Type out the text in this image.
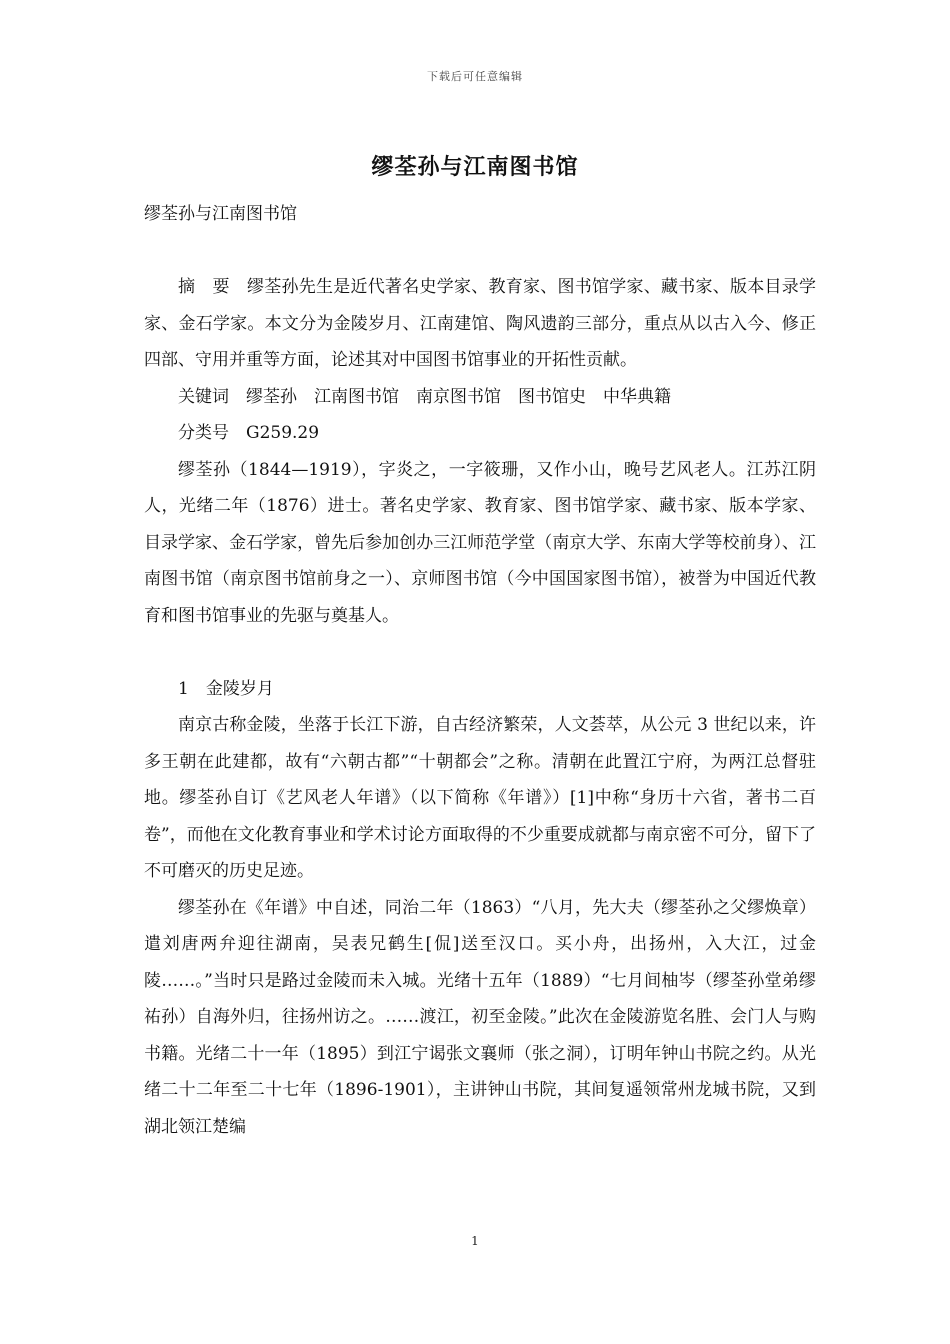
下载后可任意编辑
缪荃孙与江南图书馆

缪荃孙与江南图书馆

摘　要　缪荃孙先生是近代著名史学家、教育家、图书馆学家、藏书家、版本目录学家、金石学家。本文分为金陵岁月、江南建馆、陶风遗韵三部分，重点从以古入今、修正四部、守用并重等方面，论述其对中国图书馆事业的开拓性贡献。

关键词　缪荃孙　江南图书馆　南京图书馆　图书馆史　中华典籍

分类号　G259.29

缪荃孙（1844—1919），字炎之，一字筱珊，又作小山，晚号艺风老人。江苏江阴人，光绪二年（1876）进士。著名史学家、教育家、图书馆学家、藏书家、版本学家、目录学家、金石学家，曾先后参加创办三江师范学堂（南京大学、东南大学等校前身）、江南图书馆（南京图书馆前身之一）、京师图书馆（今中国国家图书馆），被誉为中国近代教育和图书馆事业的先驱与奠基人。

1　金陵岁月

南京古称金陵，坐落于长江下游，自古经济繁荣，人文荟萃，从公元 3 世纪以来，许多王朝在此建都，故有“六朝古都”“十朝都会”之称。清朝在此置江宁府，为两江总督驻地。缪荃孙自订《艺风老人年谱》（以下简称《年谱》）[1]中称“身历十六省，著书二百卷”，而他在文化教育事业和学术讨论方面取得的不少重要成就都与南京密不可分，留下了不可磨灭的历史足迹。

缪荃孙在《年谱》中自述，同治二年（1863）“八月，先大夫（缪荃孙之父缪焕章）遣刘唐两弁迎往湖南，吴表兄鹤生[侃]送至汉口。买小舟，出扬州，入大江，过金陵……。”当时只是路过金陵而未入城。光绪十五年（1889）“七月间柚岑（缪荃孙堂弟缪祐孙）自海外归，往扬州访之。……渡江，初至金陵。”此次在金陵游览名胜、会门人与购书籍。光绪二十一年（1895）到江宁谒张文襄师（张之洞），订明年钟山书院之约。从光绪二十二年至二十七年（1896-1901），主讲钟山书院，其间复遥领常州龙城书院，又到湖北领江楚编

1
